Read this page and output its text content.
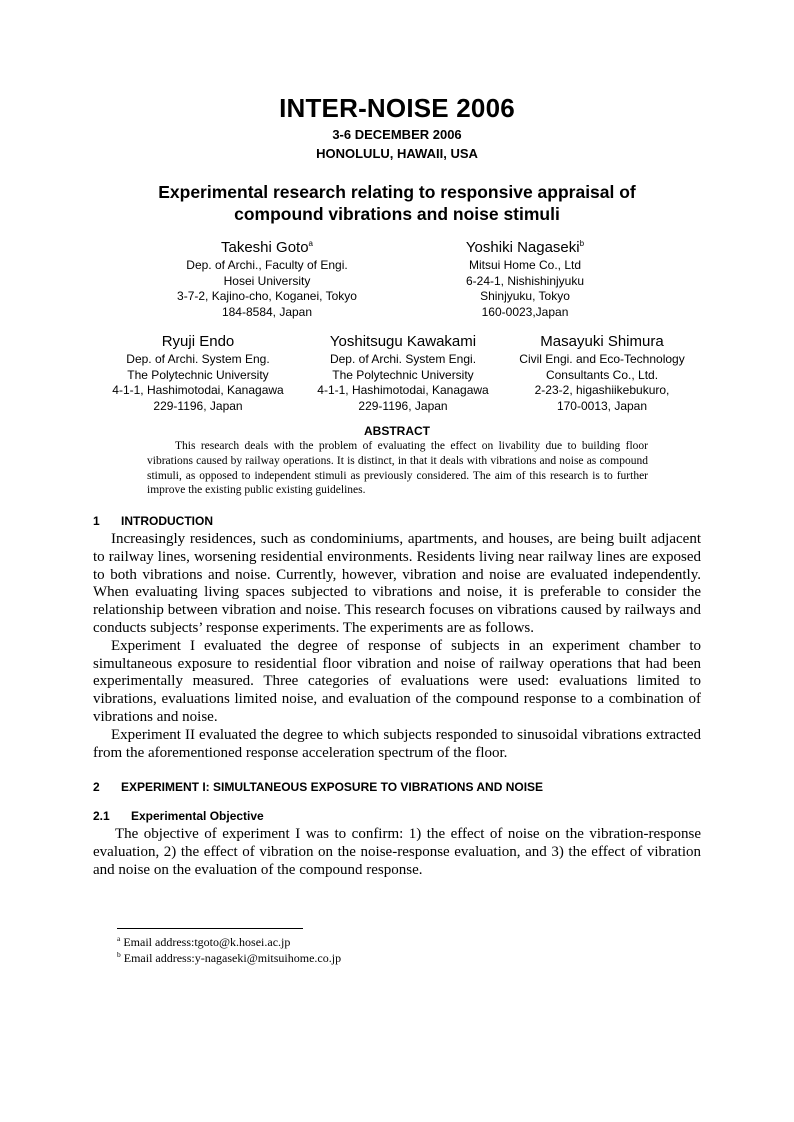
INTER-NOISE 2006
3-6 DECEMBER 2006
HONOLULU, HAWAII, USA
Experimental research relating to responsive appraisal of
compound vibrations and noise stimuli
Takeshi Goto$^a$
Dep. of Archi., Faculty of Engi.
Hosei University
3-7-2, Kajino-cho, Koganei, Tokyo
184-8584, Japan
Yoshiki Nagaseki$^b$
Mitsui Home Co., Ltd
6-24-1, Nishishinjyuku
Shinjyuku, Tokyo
160-0023,Japan
Ryuji Endo
Dep. of Archi. System Eng.
The Polytechnic University
4-1-1, Hashimotodai, Kanagawa
229-1196, Japan
Yoshitsugu Kawakami
Dep. of Archi. System Engi.
The Polytechnic University
4-1-1, Hashimotodai, Kanagawa
229-1196, Japan
Masayuki Shimura
Civil Engi. and Eco-Technology
Consultants Co., Ltd.
2-23-2, higashiikebukuro,
170-0013, Japan
ABSTRACT
This research deals with the problem of evaluating the effect on livability due to building floor vibrations caused by railway operations. It is distinct, in that it deals with vibrations and noise as compound stimuli, as opposed to independent stimuli as previously considered. The aim of this research is to further improve the existing public existing guidelines.
1 INTRODUCTION

Increasingly residences, such as condominiums, apartments, and houses, are being built adjacent to railway lines, worsening residential environments. Residents living near railway lines are exposed to both vibrations and noise. Currently, however, vibration and noise are evaluated independently. When evaluating living spaces subjected to vibrations and noise, it is preferable to consider the relationship between vibration and noise. This research focuses on vibrations caused by railways and conducts subjects’ response experiments. The experiments are as follows.

Experiment I evaluated the degree of response of subjects in an experiment chamber to simultaneous exposure to residential floor vibration and noise of railway operations that had been experimentally measured. Three categories of evaluations were used: evaluations limited to vibrations, evaluations limited noise, and evaluation of the compound response to a combination of vibrations and noise.

Experiment II evaluated the degree to which subjects responded to sinusoidal vibrations extracted from the aforementioned response acceleration spectrum of the floor.

2 EXPERIMENT I: SIMULTANEOUS EXPOSURE TO VIBRATIONS AND NOISE
2.1 Experimental Objective

The objective of experiment I was to confirm: 1) the effect of noise on the vibration-response evaluation, 2) the effect of vibration on the noise-response evaluation, and 3) the effect of vibration and noise on the evaluation of the compound response.

$^a$ Email address:tgoto@k.hosei.ac.jp
$^b$ Email address:y-nagaseki@mitsuihome.co.jp
